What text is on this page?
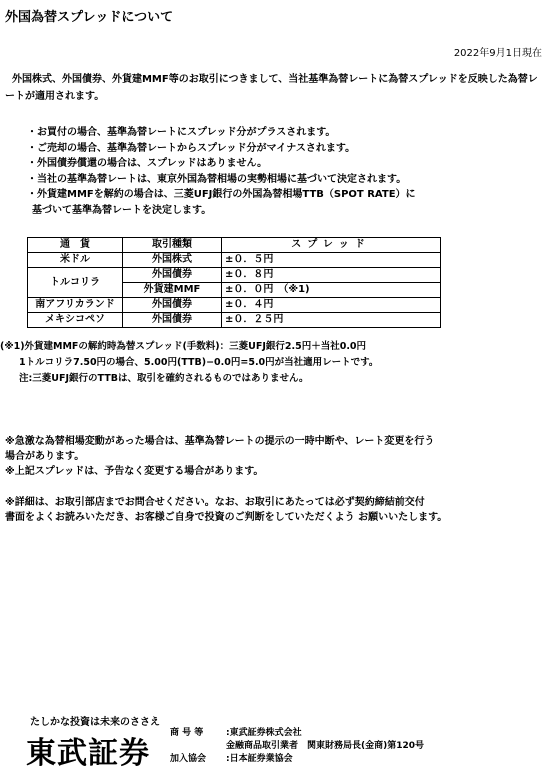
外国為替スプレッドについて
2022年9月1日現在
外国株式、外国債券、外貨建MMF等のお取引につきまして、当社基準為替レートに為替スプレッドを反映した為替レートが適用されます。
・お買付の場合、基準為替レートにスプレッド分がプラスされます。
・ご売却の場合、基準為替レートからスプレッド分がマイナスされます。
・外国債券償還の場合は、スプレッドはありません。
・当社の基準為替レートは、東京外国為替相場の実勢相場に基づいて決定されます。
・外貨建MMFを解約の場合は、三菱UFJ銀行の外国為替相場TTB（SPOT RATE）に
基づいて基準為替レートを決定します。
通　貨	取引種類	スプレッド
米ドル	外国株式	±０．５円
トルコリラ	外国債券	±０．８円
	外貨建MMF	±０．０円　（※1)
南アフリカランド	外国債券	±０．４円
メキシコペソ	外国債券	±０．２５円
(※1)外貨建MMFの解約時為替スプレッド(手数料)：三菱UFJ銀行2.5円＋当社0.0円
　　1トルコリラ7.50円の場合、5.00円(TTB)−0.0円=5.0円が当社適用レートです。
　　注:三菱UFJ銀行のTTBは、取引を確約されるものではありません。
※急激な為替相場変動があった場合は、基準為替レートの提示の一時中断や、レート変更を行う
場合があります。
※上記スプレッドは、予告なく変更する場合があります。
※詳細は、お取引部店までお問合せください。なお、お取引にあたっては必ず契約締結前交付
書面をよくお読みいただき、お客様ご自身で投資のご判断をしていただくよう お願いいたします。
たしかな投資は未来のささえ
東武証券
商 号 等	:東武証券株式会社
金融商品取引業者　関東財務局長(金商)第120号
加入協会 :日本証券業協会
